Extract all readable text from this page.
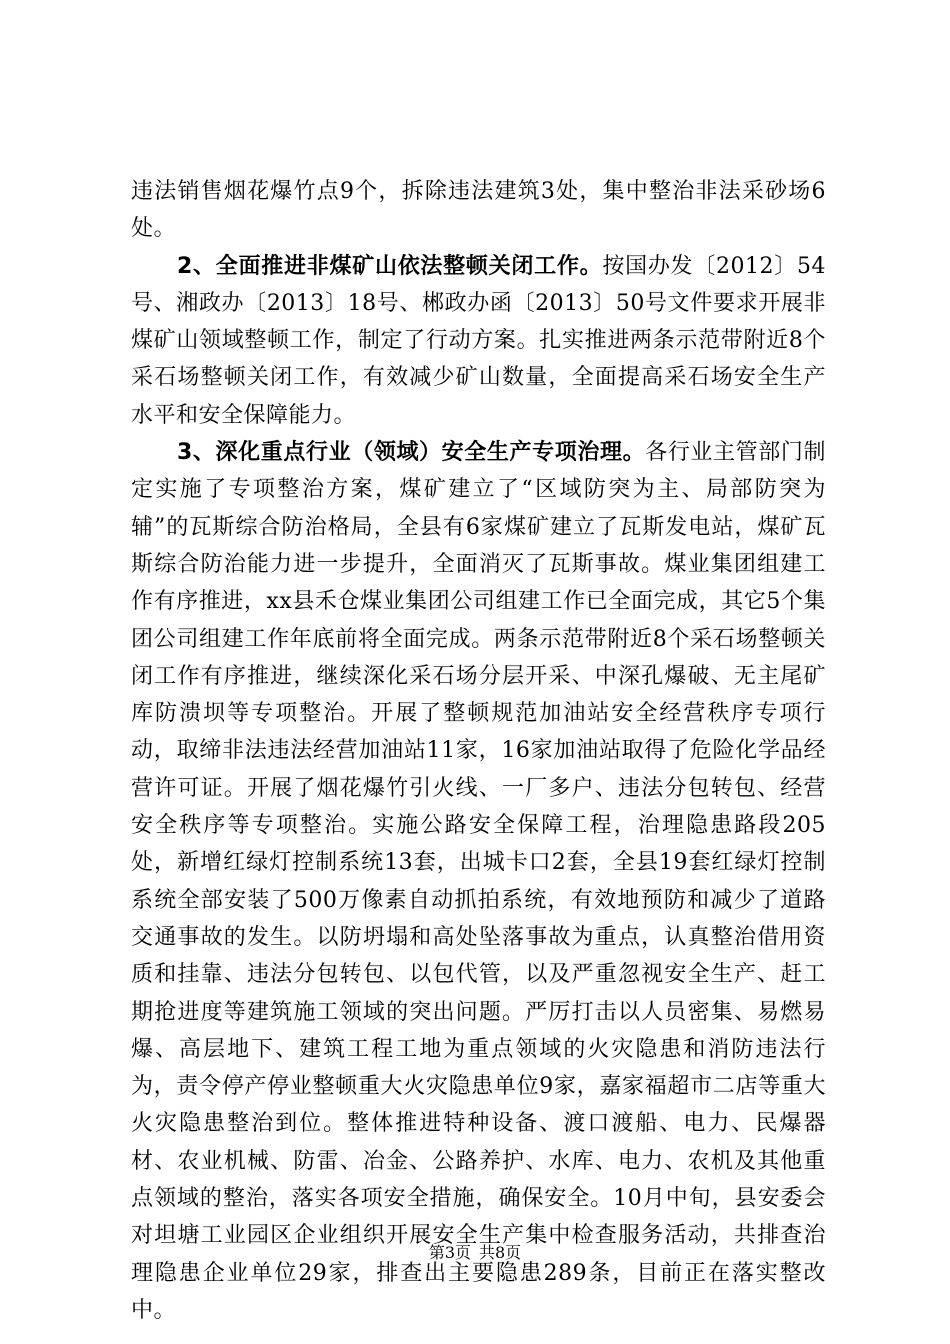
违法销售烟花爆竹点9个，拆除违法建筑3处，集中整治非法采砂场6处。

2、全面推进非煤矿山依法整顿关闭工作。按国办发〔2012〕54号、湘政办〔2013〕18号、郴政办函〔2013〕50号文件要求开展非煤矿山领域整顿工作，制定了行动方案。扎实推进两条示范带附近8个采石场整顿关闭工作，有效减少矿山数量，全面提高采石场安全生产水平和安全保障能力。

3、深化重点行业（领域）安全生产专项治理。各行业主管部门制定实施了专项整治方案，煤矿建立了“区域防突为主、局部防突为辅”的瓦斯综合防治格局，全县有6家煤矿建立了瓦斯发电站，煤矿瓦斯综合防治能力进一步提升，全面消灭了瓦斯事故。煤业集团组建工作有序推进，xx县禾仓煤业集团公司组建工作已全面完成，其它5个集团公司组建工作年底前将全面完成。两条示范带附近8个采石场整顿关闭工作有序推进，继续深化采石场分层开采、中深孔爆破、无主尾矿库防溃坝等专项整治。开展了整顿规范加油站安全经营秩序专项行动，取缔非法违法经营加油站11家，16家加油站取得了危险化学品经营许可证。开展了烟花爆竹引火线、一厂多户、违法分包转包、经营安全秩序等专项整治。实施公路安全保障工程，治理隐患路段205处，新增红绿灯控制系统13套，出城卡口2套，全县19套红绿灯控制系统全部安装了500万像素自动抓拍系统，有效地预防和减少了道路交通事故的发生。以防坍塌和高处坠落事故为重点，认真整治借用资质和挂靠、违法分包转包、以包代管，以及严重忽视安全生产、赶工期抢进度等建筑施工领域的突出问题。严厉打击以人员密集、易燃易爆、高层地下、建筑工程工地为重点领域的火灾隐患和消防违法行为，责令停产停业整顿重大火灾隐患单位9家，嘉家福超市二店等重大火灾隐患整治到位。整体推进特种设备、渡口渡船、电力、民爆器材、农业机械、防雷、冶金、公路养护、水库、电力、农机及其他重点领域的整治，落实各项安全措施，确保安全。10月中旬，县安委会对坦塘工业园区企业组织开展安全生产集中检查服务活动，共排查治理隐患企业单位29家，排查出主要隐患289条，目前正在落实整改中。

第3页 共8页
